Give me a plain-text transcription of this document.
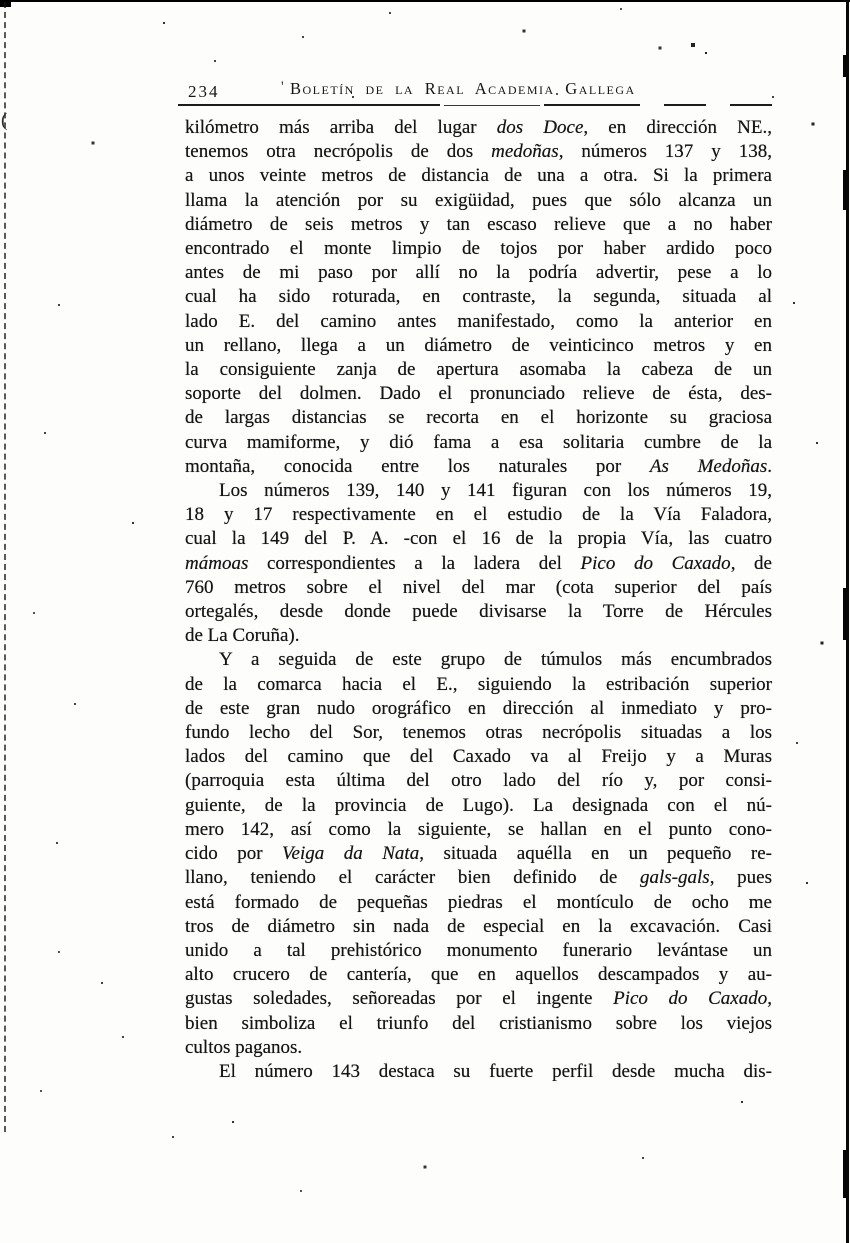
(
'
234	Boletín de la Real Academia Gallega
kilómetro más arriba del lugar dos Doce, en dirección NE.,
tenemos otra necrópolis de dos medoñas, números 137 y 138,
a unos veinte metros de distancia de una a otra. Si la primera
llama la atención por su exigüidad, pues que sólo alcanza un
diámetro de seis metros y tan escaso relieve que a no haber
encontrado el monte limpio de tojos por haber ardido poco
antes de mi paso por allí no la podría advertir, pese a lo
cual ha sido roturada, en contraste, la segunda, situada al
lado E. del camino antes manifestado, como la anterior en
un rellano, llega a un diámetro de veinticinco metros y en
la consiguiente zanja de apertura asomaba la cabeza de un
soporte del dolmen. Dado el pronunciado relieve de ésta, des-
de largas distancias se recorta en el horizonte su graciosa
curva mamiforme, y dió fama a esa solitaria cumbre de la
montaña, conocida entre los naturales por As Medoñas.
Los números 139, 140 y 141 figuran con los números 19,
18 y 17 respectivamente en el estudio de la Vía Faladora,
cual la 149 del P. A. -con el 16 de la propia Vía, las cuatro
mámoas correspondientes a la ladera del Pico do Caxado, de
760 metros sobre el nivel del mar (cota superior del país
ortegalés, desde donde puede divisarse la Torre de Hércules
de La Coruña).
Y a seguida de este grupo de túmulos más encumbrados
de la comarca hacia el E., siguiendo la estribación superior
de este gran nudo orográfico en dirección al inmediato y pro-
fundo lecho del Sor, tenemos otras necrópolis situadas a los
lados del camino que del Caxado va al Freijo y a Muras
(parroquia esta última del otro lado del río y, por consi-
guiente, de la provincia de Lugo). La designada con el nú-
mero 142, así como la siguiente, se hallan en el punto cono-
cido por Veiga da Nata, situada aquélla en un pequeño re-
llano, teniendo el carácter bien definido de gals-gals, pues
está formado de pequeñas piedras el montículo de ocho me
tros de diámetro sin nada de especial en la excavación. Casi
unido a tal prehistórico monumento funerario levántase un
alto crucero de cantería, que en aquellos descampados y au-
gustas soledades, señoreadas por el ingente Pico do Caxado,
bien simboliza el triunfo del cristianismo sobre los viejos
cultos paganos.
El número 143 destaca su fuerte perfil desde mucha dis-
